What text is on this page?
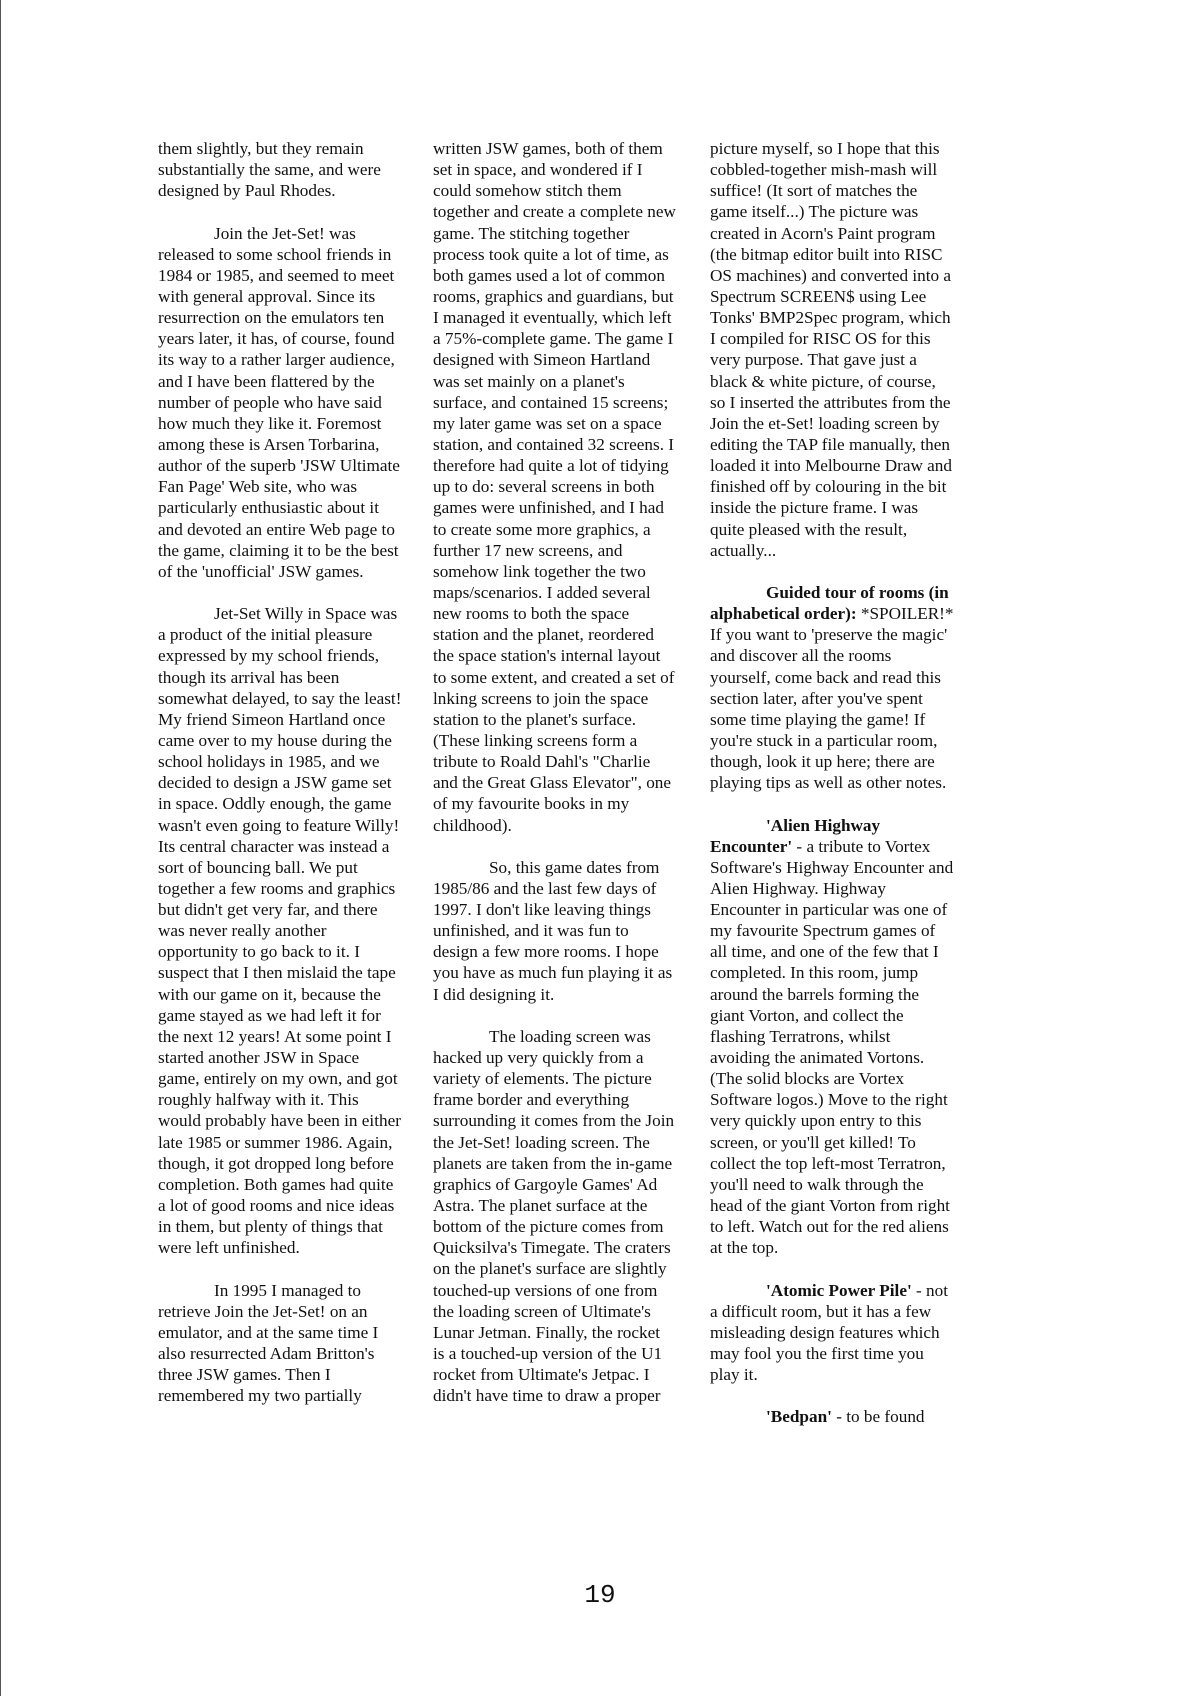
them slightly, but they remain
substantially the same, and were
designed by Paul Rhodes.
Join the Jet-Set! was
released to some school friends in
1984 or 1985, and seemed to meet
with general approval. Since its
resurrection on the emulators ten
years later, it has, of course, found
its way to a rather larger audience,
and I have been flattered by the
number of people who have said
how much they like it. Foremost
among these is Arsen Torbarina,
author of the superb 'JSW Ultimate
Fan Page' Web site, who was
particularly enthusiastic about it
and devoted an entire Web page to
the game, claiming it to be the best
of the 'unofficial' JSW games.
Jet-Set Willy in Space was
a product of the initial pleasure
expressed by my school friends,
though its arrival has been
somewhat delayed, to say the least!
My friend Simeon Hartland once
came over to my house during the
school holidays in 1985, and we
decided to design a JSW game set
in space. Oddly enough, the game
wasn't even going to feature Willy!
Its central character was instead a
sort of bouncing ball. We put
together a few rooms and graphics
but didn't get very far, and there
was never really another
opportunity to go back to it. I
suspect that I then mislaid the tape
with our game on it, because the
game stayed as we had left it for
the next 12 years! At some point I
started another JSW in Space
game, entirely on my own, and got
roughly halfway with it. This
would probably have been in either
late 1985 or summer 1986. Again,
though, it got dropped long before
completion. Both games had quite
a lot of good rooms and nice ideas
in them, but plenty of things that
were left unfinished.
In 1995 I managed to
retrieve Join the Jet-Set! on an
emulator, and at the same time I
also resurrected Adam Britton's
three JSW games. Then I
remembered my two partially
written JSW games, both of them
set in space, and wondered if I
could somehow stitch them
together and create a complete new
game. The stitching together
process took quite a lot of time, as
both games used a lot of common
rooms, graphics and guardians, but
I managed it eventually, which left
a 75%-complete game. The game I
designed with Simeon Hartland
was set mainly on a planet's
surface, and contained 15 screens;
my later game was set on a space
station, and contained 32 screens. I
therefore had quite a lot of tidying
up to do: several screens in both
games were unfinished, and I had
to create some more graphics, a
further 17 new screens, and
somehow link together the two
maps/scenarios. I added several
new rooms to both the space
station and the planet, reordered
the space station's internal layout
to some extent, and created a set of
lnking screens to join the space
station to the planet's surface.
(These linking screens form a
tribute to Roald Dahl's "Charlie
and the Great Glass Elevator", one
of my favourite books in my
childhood).
So, this game dates from
1985/86 and the last few days of
1997. I don't like leaving things
unfinished, and it was fun to
design a few more rooms. I hope
you have as much fun playing it as
I did designing it.
The loading screen was
hacked up very quickly from a
variety of elements. The picture
frame border and everything
surrounding it comes from the Join
the Jet-Set! loading screen. The
planets are taken from the in-game
graphics of Gargoyle Games' Ad
Astra. The planet surface at the
bottom of the picture comes from
Quicksilva's Timegate. The craters
on the planet's surface are slightly
touched-up versions of one from
the loading screen of Ultimate's
Lunar Jetman. Finally, the rocket
is a touched-up version of the U1
rocket from Ultimate's Jetpac. I
didn't have time to draw a proper
picture myself, so I hope that this
cobbled-together mish-mash will
suffice! (It sort of matches the
game itself...) The picture was
created in Acorn's Paint program
(the bitmap editor built into RISC
OS machines) and converted into a
Spectrum SCREEN$ using Lee
Tonks' BMP2Spec program, which
I compiled for RISC OS for this
very purpose. That gave just a
black & white picture, of course,
so I inserted the attributes from the
Join the et-Set! loading screen by
editing the TAP file manually, then
loaded it into Melbourne Draw and
finished off by colouring in the bit
inside the picture frame. I was
quite pleased with the result,
actually...
Guided tour of rooms (in
alphabetical order): *SPOILER!*
If you want to 'preserve the magic'
and discover all the rooms
yourself, come back and read this
section later, after you've spent
some time playing the game! If
you're stuck in a particular room,
though, look it up here; there are
playing tips as well as other notes.
'Alien Highway
Encounter' - a tribute to Vortex
Software's Highway Encounter and
Alien Highway. Highway
Encounter in particular was one of
my favourite Spectrum games of
all time, and one of the few that I
completed. In this room, jump
around the barrels forming the
giant Vorton, and collect the
flashing Terratrons, whilst
avoiding the animated Vortons.
(The solid blocks are Vortex
Software logos.) Move to the right
very quickly upon entry to this
screen, or you'll get killed! To
collect the top left-most Terratron,
you'll need to walk through the
head of the giant Vorton from right
to left. Watch out for the red aliens
at the top.
'Atomic Power Pile' - not
a difficult room, but it has a few
misleading design features which
may fool you the first time you
play it.
'Bedpan' - to be found
19
